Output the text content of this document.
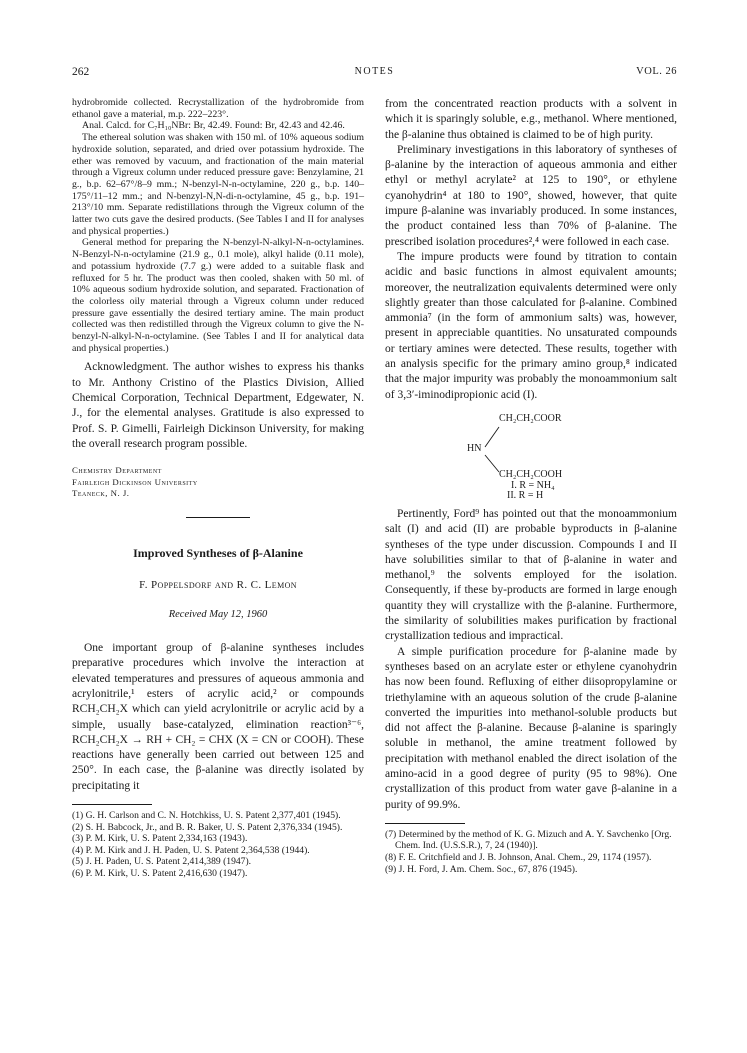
262	NOTES	VOL. 26

hydrobromide collected. Recrystallization of the hydrobromide from ethanol gave a material, m.p. 222–223°.

Anal. Calcd. for C₇H₁₀NBr: Br, 42.49. Found: Br, 42.43 and 42.46.

The ethereal solution was shaken with 150 ml. of 10% aqueous sodium hydroxide solution, separated, and dried over potassium hydroxide. The ether was removed by vacuum, and fractionation of the main material through a Vigreux column under reduced pressure gave: Benzylamine, 21 g., b.p. 62–67°/8–9 mm.; N-benzyl-N-n-octylamine, 220 g., b.p. 140–175°/11–12 mm.; and N-benzyl-N,N-di-n-octylamine, 45 g., b.p. 191–213°/10 mm. Separate redistillations through the Vigreux column of the latter two cuts gave the desired products. (See Tables I and II for analyses and physical properties.)

General method for preparing the N-benzyl-N-alkyl-N-n-octylamines. N-Benzyl-N-n-octylamine (21.9 g., 0.1 mole), alkyl halide (0.11 mole), and potassium hydroxide (7.7 g.) were added to a suitable flask and refluxed for 5 hr. The product was then cooled, shaken with 50 ml. of 10% aqueous sodium hydroxide solution, and separated. Fractionation of the colorless oily material through a Vigreux column under reduced pressure gave essentially the desired tertiary amine. The main product collected was then redistilled through the Vigreux column to give the N-benzyl-N-alkyl-N-n-octylamine. (See Tables I and II for analytical data and physical properties.)

Acknowledgment. The author wishes to express his thanks to Mr. Anthony Cristino of the Plastics Division, Allied Chemical Corporation, Technical Department, Edgewater, N. J., for the elemental analyses. Gratitude is also expressed to Prof. S. P. Gimelli, Fairleigh Dickinson University, for making the overall research program possible.

Chemistry Department
Fairleigh Dickinson University
Teaneck, N. J.
Improved Syntheses of β-Alanine
F. Poppelsdorf and R. C. Lemon
Received May 12, 1960

One important group of β-alanine syntheses includes preparative procedures which involve the interaction at elevated temperatures and pressures of aqueous ammonia and acrylonitrile,¹ esters of acrylic acid,² or compounds RCH₂CH₂X which can yield acrylonitrile or acrylic acid by a simple, usually base-catalyzed, elimination reaction³⁻⁶, RCH₂CH₂X → RH + CH₂ = CHX (X = CN or COOH). These reactions have generally been carried out between 125 and 250°. In each case, the β-alanine was directly isolated by precipitating it

(1) G. H. Carlson and C. N. Hotchkiss, U. S. Patent 2,377,401 (1945).

(2) S. H. Babcock, Jr., and B. R. Baker, U. S. Patent 2,376,334 (1945).

(3) P. M. Kirk, U. S. Patent 2,334,163 (1943).

(4) P. M. Kirk and J. H. Paden, U. S. Patent 2,364,538 (1944).

(5) J. H. Paden, U. S. Patent 2,414,389 (1947).

(6) P. M. Kirk, U. S. Patent 2,416,630 (1947).

from the concentrated reaction products with a solvent in which it is sparingly soluble, e.g., methanol. Where mentioned, the β-alanine thus obtained is claimed to be of high purity.

Preliminary investigations in this laboratory of syntheses of β-alanine by the interaction of aqueous ammonia and either ethyl or methyl acrylate² at 125 to 190°, or ethylene cyanohydrin⁴ at 180 to 190°, showed, however, that quite impure β-alanine was invariably produced. In some instances, the product contained less than 70% of β-alanine. The prescribed isolation procedures²,⁴ were followed in each case.

The impure products were found by titration to contain acidic and basic functions in almost equivalent amounts; moreover, the neutralization equivalents determined were only slightly greater than those calculated for β-alanine. Combined ammonia⁷ (in the form of ammonium salts) was, however, present in appreciable quantities. No unsaturated compounds or tertiary amines were detected. These results, together with an analysis specific for the primary amino group,⁸ indicated that the major impurity was probably the monoammonium salt of 3,3′-iminodipropionic acid (I).

CH₂CH₂COOR
HN
CH₂CH₂COOH
I. R = NH₄
II. R = H

Pertinently, Ford⁹ has pointed out that the monoammonium salt (I) and acid (II) are probable byproducts in β-alanine syntheses of the type under discussion. Compounds I and II have solubilities similar to that of β-alanine in water and methanol,⁹ the solvents employed for the isolation. Consequently, if these by-products are formed in large enough quantity they will crystallize with the β-alanine. Furthermore, the similarity of solubilities makes purification by fractional crystallization tedious and impractical.

A simple purification procedure for β-alanine made by syntheses based on an acrylate ester or ethylene cyanohydrin has now been found. Refluxing of either diisopropylamine or triethylamine with an aqueous solution of the crude β-alanine converted the impurities into methanol-soluble products but did not affect the β-alanine. Because β-alanine is sparingly soluble in methanol, the amine treatment followed by precipitation with methanol enabled the direct isolation of the amino-acid in a good degree of purity (95 to 98%). One crystallization of this product from water gave β-alanine in a purity of 99.9%.

(7) Determined by the method of K. G. Mizuch and A. Y. Savchenko [Org. Chem. Ind. (U.S.S.R.), 7, 24 (1940)].

(8) F. E. Critchfield and J. B. Johnson, Anal. Chem., 29, 1174 (1957).

(9) J. H. Ford, J. Am. Chem. Soc., 67, 876 (1945).
